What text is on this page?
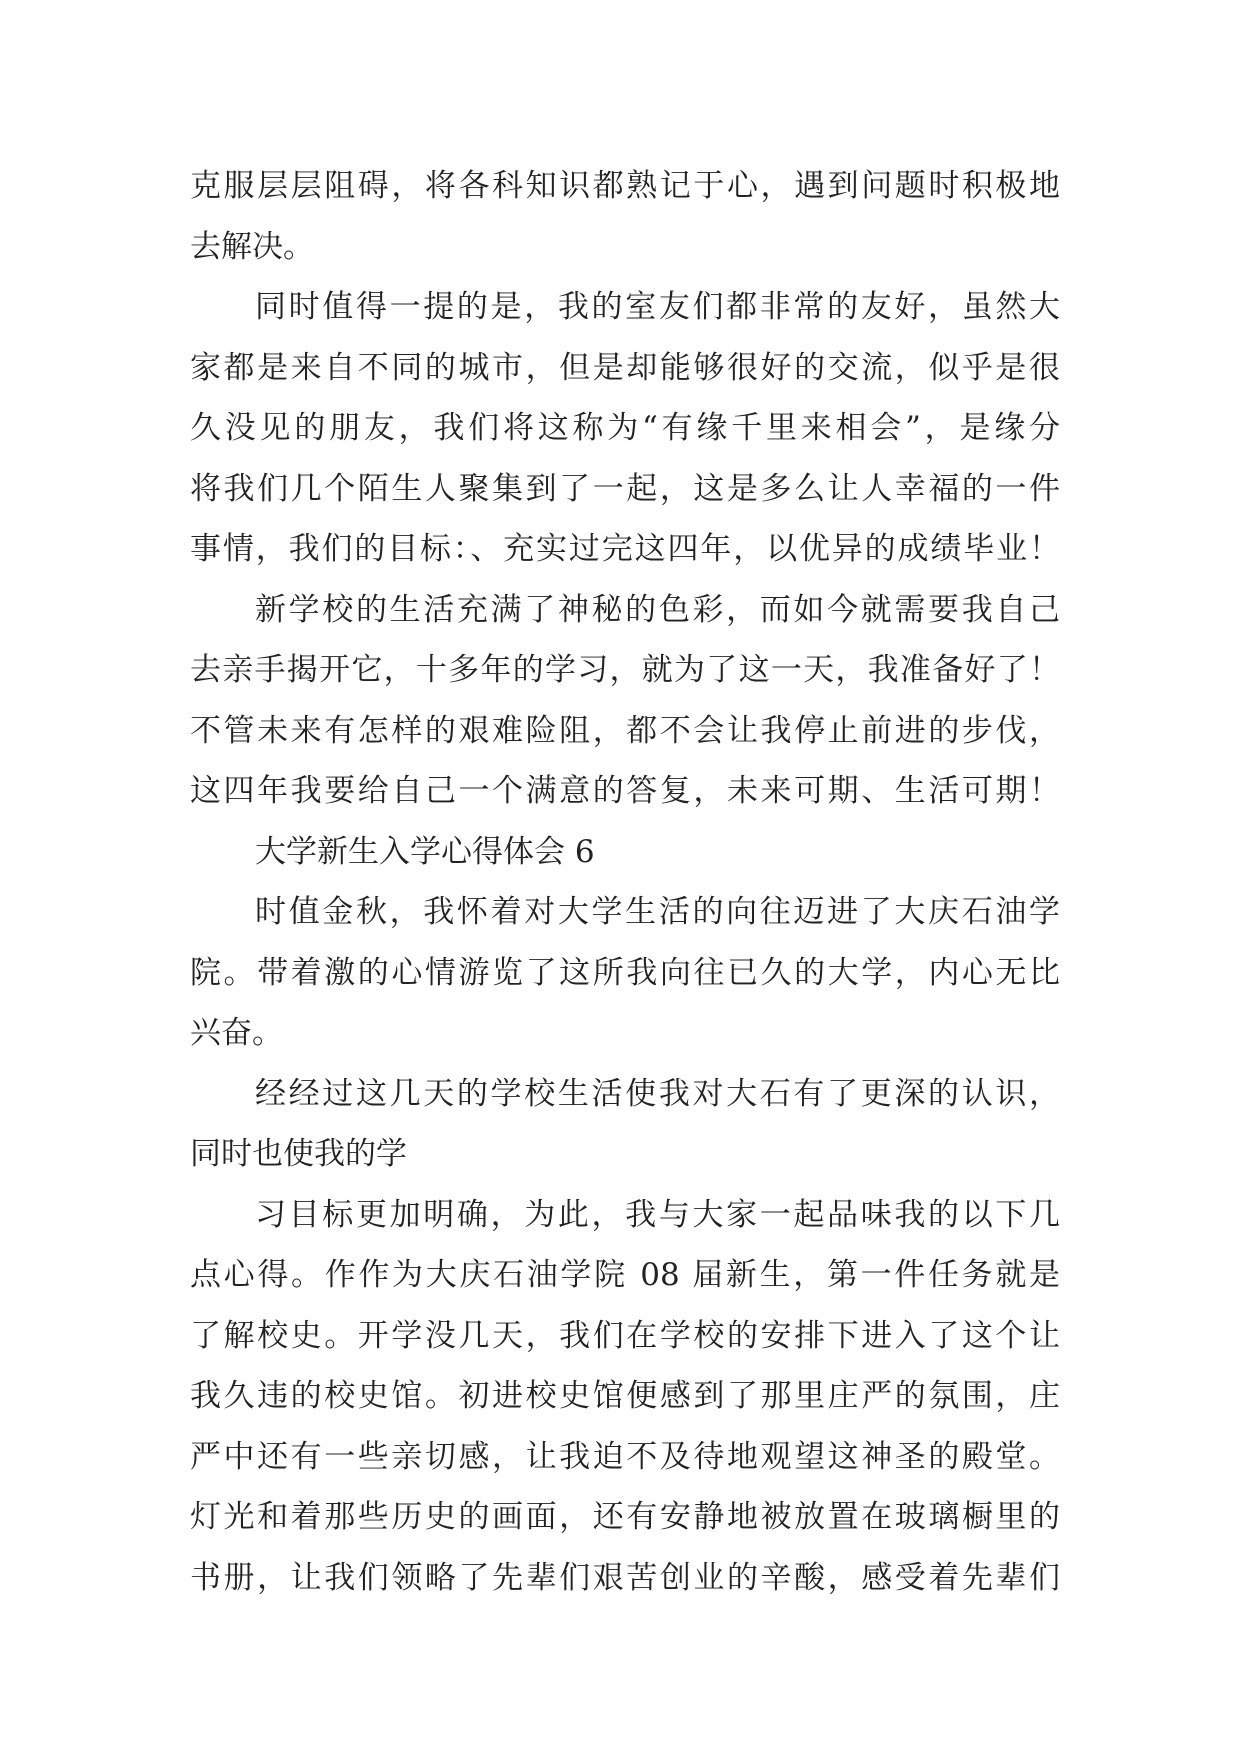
克服层层阻碍，将各科知识都熟记于心，遇到问题时积极地
去解决。
同时值得一提的是，我的室友们都非常的友好，虽然大
家都是来自不同的城市，但是却能够很好的交流，似乎是很
久没见的朋友，我们将这称为“有缘千里来相会”，是缘分
将我们几个陌生人聚集到了一起，这是多么让人幸福的一件
事情，我们的目标：、充实过完这四年，以优异的成绩毕业！
新学校的生活充满了神秘的色彩，而如今就需要我自己
去亲手揭开它，十多年的学习，就为了这一天，我准备好了！
不管未来有怎样的艰难险阻，都不会让我停止前进的步伐，
这四年我要给自己一个满意的答复，未来可期、生活可期！
大学新生入学心得体会 6
时值金秋，我怀着对大学生活的向往迈进了大庆石油学
院。带着激的心情游览了这所我向往已久的大学，内心无比
兴奋。
经经过这几天的学校生活使我对大石有了更深的认识，
同时也使我的学
习目标更加明确，为此，我与大家一起品味我的以下几
点心得。作作为大庆石油学院 08 届新生，第一件任务就是
了解校史。开学没几天，我们在学校的安排下进入了这个让
我久违的校史馆。初进校史馆便感到了那里庄严的氛围，庄
严中还有一些亲切感，让我迫不及待地观望这神圣的殿堂。
灯光和着那些历史的画面，还有安静地被放置在玻璃橱里的
书册，让我们领略了先辈们艰苦创业的辛酸，感受着先辈们
